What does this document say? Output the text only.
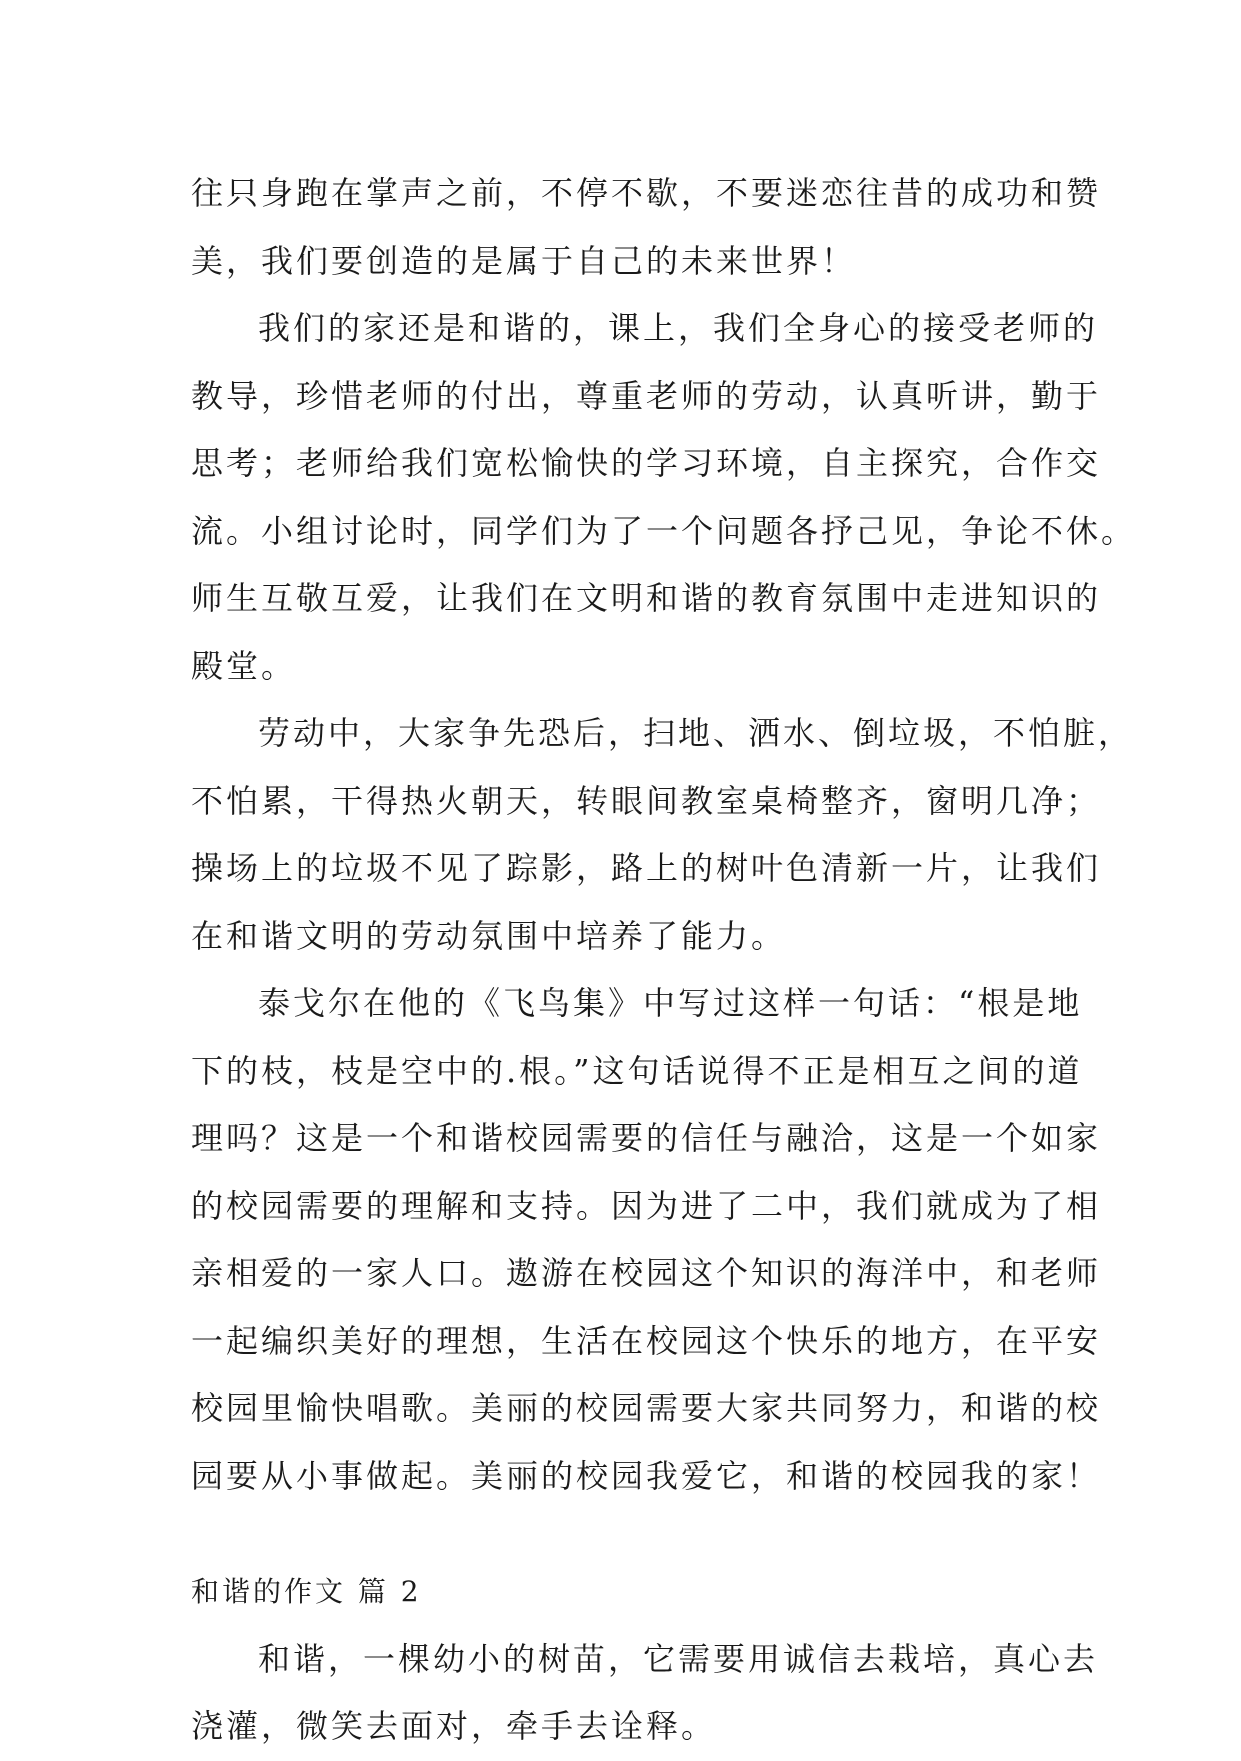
往只身跑在掌声之前，不停不歇，不要迷恋往昔的成功和赞
美，我们要创造的是属于自己的未来世界！
我们的家还是和谐的，课上，我们全身心的接受老师的
教导，珍惜老师的付出，尊重老师的劳动，认真听讲，勤于
思考；老师给我们宽松愉快的学习环境，自主探究，合作交
流。小组讨论时，同学们为了一个问题各抒己见，争论不休。
师生互敬互爱，让我们在文明和谐的教育氛围中走进知识的
殿堂。
劳动中，大家争先恐后，扫地、洒水、倒垃圾，不怕脏，
不怕累，干得热火朝天，转眼间教室桌椅整齐，窗明几净；
操场上的垃圾不见了踪影，路上的树叶色清新一片，让我们
在和谐文明的劳动氛围中培养了能力。
泰戈尔在他的《飞鸟集》中写过这样一句话：“根是地
下的枝，枝是空中的.根。”这句话说得不正是相互之间的道
理吗？这是一个和谐校园需要的信任与融洽，这是一个如家
的校园需要的理解和支持。因为进了二中，我们就成为了相
亲相爱的一家人口。遨游在校园这个知识的海洋中，和老师
一起编织美好的理想，生活在校园这个快乐的地方，在平安
校园里愉快唱歌。美丽的校园需要大家共同努力，和谐的校
园要从小事做起。美丽的校园我爱它，和谐的校园我的家！
和谐的作文 篇 2
和谐，一棵幼小的树苗，它需要用诚信去栽培，真心去
浇灌，微笑去面对，牵手去诠释。
